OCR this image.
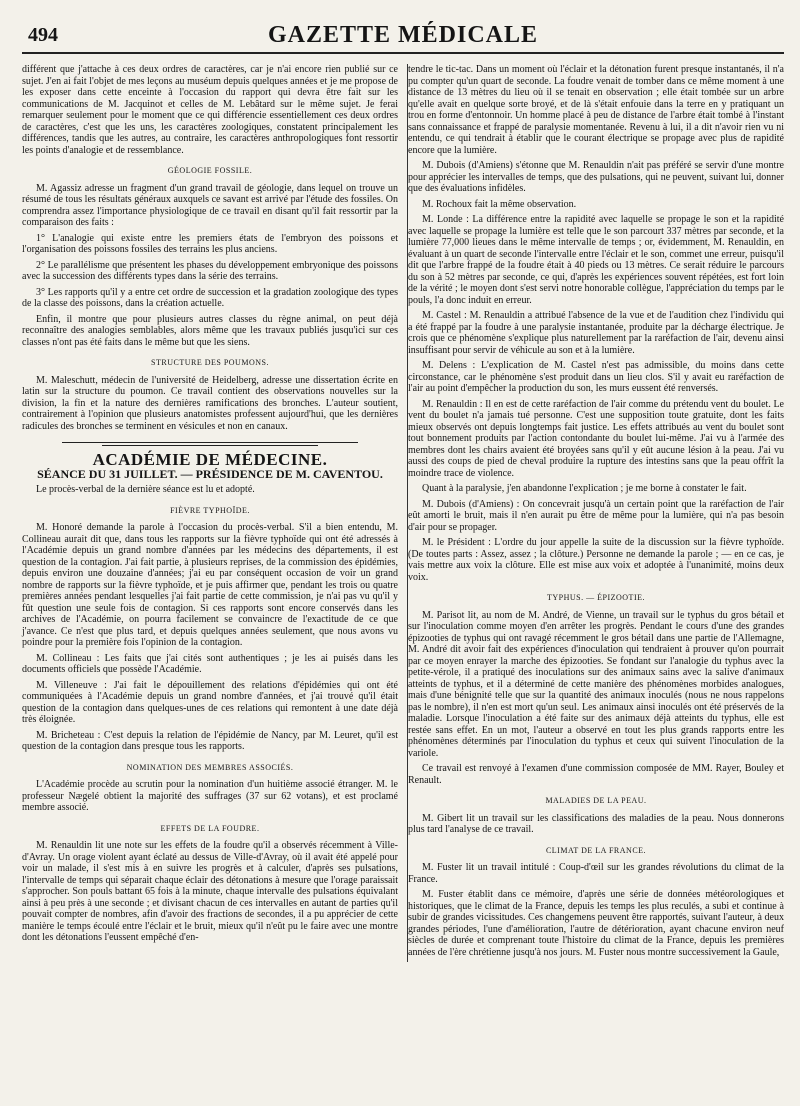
494	GAZETTE MÉDICALE

différent que j'attache à ces deux ordres de caractères, car je n'ai encore rien publié sur ce sujet. J'en ai fait l'objet de mes leçons au muséum depuis quelques années et je me propose de les exposer dans cette enceinte à l'occasion du rapport qui devra être fait sur les communications de M. Jacquinot et celles de M. Lebâtard sur le même sujet. Je ferai remarquer seulement pour le moment que ce qui différencie essentiellement ces deux ordres de caractères, c'est que les uns, les caractères zoologiques, constatent principalement les différences, tandis que les autres, au contraire, les caractères anthropologiques font ressortir les points d'analogie et de ressemblance.

GÉOLOGIE FOSSILE.

M. Agassiz adresse un fragment d'un grand travail de géologie, dans lequel on trouve un résumé de tous les résultats généraux auxquels ce savant est arrivé par l'étude des fossiles. On comprendra assez l'importance physiologique de ce travail en disant qu'il fait ressortir par la comparaison des faits :

1° L'analogie qui existe entre les premiers états de l'embryon des poissons et l'organisation des poissons fossiles des terrains les plus anciens.

2° Le parallélisme que présentent les phases du développement embryonique des poissons avec la succession des différents types dans la série des terrains.

3° Les rapports qu'il y a entre cet ordre de succession et la gradation zoologique des types de la classe des poissons, dans la création actuelle.

Enfin, il montre que pour plusieurs autres classes du règne animal, on peut déjà reconnaître des analogies semblables, alors même que les travaux publiés jusqu'ici sur ces classes n'ont pas été faits dans le même but que les siens.

STRUCTURE DES POUMONS.

M. Maleschutt, médecin de l'université de Heidelberg, adresse une dissertation écrite en latin sur la structure du poumon. Ce travail contient des observations nouvelles sur la division, la fin et la nature des dernières ramifications des bronches. L'auteur soutient, contrairement à l'opinion que plusieurs anatomistes professent aujourd'hui, que les dernières radicules des bronches se terminent en vésicules et non en canaux.

ACADÉMIE DE MÉDECINE.
SÉANCE DU 31 JUILLET. — PRÉSIDENCE DE M. CAVENTOU.

Le procès-verbal de la dernière séance est lu et adopté.

FIÈVRE TYPHOÏDE.

M. Honoré demande la parole à l'occasion du procès-verbal. S'il a bien entendu, M. Collineau aurait dit que, dans tous les rapports sur la fièvre typhoïde qui ont été adressés à l'Académie depuis un grand nombre d'années par les médecins des départements, il est question de la contagion. J'ai fait partie, à plusieurs reprises, de la commission des épidémies, depuis environ une douzaine d'années; j'ai eu par conséquent occasion de voir un grand nombre de rapports sur la fièvre typhoïde, et je puis affirmer que, pendant les trois ou quatre premières années pendant lesquelles j'ai fait partie de cette commission, je n'ai pas vu qu'il y fût question une seule fois de contagion. Si ces rapports sont encore conservés dans les archives de l'Académie, on pourra facilement se convaincre de l'exactitude de ce que j'avance. Ce n'est que plus tard, et depuis quelques années seulement, que nous avons vu poindre pour la première fois l'opinion de la contagion.

M. Collineau : Les faits que j'ai cités sont authentiques ; je les ai puisés dans les documents officiels que possède l'Académie.

M. Villeneuve : J'ai fait le dépouillement des relations d'épidémies qui ont été communiquées à l'Académie depuis un grand nombre d'années, et j'ai trouvé qu'il était question de la contagion dans quelques-unes de ces relations qui remontent à une date déjà très éloignée.

M. Bricheteau : C'est depuis la relation de l'épidémie de Nancy, par M. Leuret, qu'il est question de la contagion dans presque tous les rapports.

NOMINATION DES MEMBRES ASSOCIÉS.

L'Académie procède au scrutin pour la nomination d'un huitième associé étranger. M. le professeur Nægelé obtient la majorité des suffrages (37 sur 62 votans), et est proclamé membre associé.

EFFETS DE LA FOUDRE.

M. Renauldin lit une note sur les effets de la foudre qu'il a observés récemment à Ville-d'Avray. Un orage violent ayant éclaté au dessus de Ville-d'Avray, où il avait été appelé pour voir un malade, il s'est mis à en suivre les progrès et à calculer, d'après ses pulsations, l'intervalle de temps qui séparait chaque éclair des détonations à mesure que l'orage paraissait s'approcher. Son pouls battant 65 fois à la minute, chaque intervalle des pulsations équivalant ainsi à peu près à une seconde ; et divisant chacun de ces intervalles en autant de parties qu'il pouvait compter de nombres, afin d'avoir des fractions de secondes, il a pu apprécier de cette manière le temps écoulé entre l'éclair et le bruit, mieux qu'il n'eût pu le faire avec une montre dont les détonations l'eussent empêché d'en-

tendre le tic-tac. Dans un moment où l'éclair et la détonation furent presque instantanés, il n'a pu compter qu'un quart de seconde. La foudre venait de tomber dans ce même moment à une distance de 13 mètres du lieu où il se tenait en observation ; elle était tombée sur un arbre qu'elle avait en quelque sorte broyé, et de là s'était enfouie dans la terre en y pratiquant un trou en forme d'entonnoir. Un homme placé à peu de distance de l'arbre était tombé à l'instant sans connaissance et frappé de paralysie momentanée. Revenu à lui, il a dit n'avoir rien vu ni entendu, ce qui tendrait à établir que le courant électrique se propage avec plus de rapidité encore que la lumière.

M. Dubois (d'Amiens) s'étonne que M. Renauldin n'ait pas préféré se servir d'une montre pour apprécier les intervalles de temps, que des pulsations, qui ne peuvent, suivant lui, donner que des évaluations infidèles.

M. Rochoux fait la même observation.

M. Londe : La différence entre la rapidité avec laquelle se propage le son et la rapidité avec laquelle se propage la lumière est telle que le son parcourt 337 mètres par seconde, et la lumière 77,000 lieues dans le même intervalle de temps ; or, évidemment, M. Renauldin, en évaluant à un quart de seconde l'intervalle entre l'éclair et le son, commet une erreur, puisqu'il dit que l'arbre frappé de la foudre était à 40 pieds ou 13 mètres. Ce serait réduire le parcours du son à 52 mètres par seconde, ce qui, d'après les expériences souvent répétées, est fort loin de la vérité ; le moyen dont s'est servi notre honorable collègue, l'appréciation du temps par le pouls, l'a donc induit en erreur.

M. Castel : M. Renauldin a attribué l'absence de la vue et de l'audition chez l'individu qui a été frappé par la foudre à une paralysie instantanée, produite par la décharge électrique. Je crois que ce phénomène s'explique plus naturellement par la raréfaction de l'air, devenu ainsi insuffisant pour servir de véhicule au son et à la lumière.

M. Delens : L'explication de M. Castel n'est pas admissible, du moins dans cette circonstance, car le phénomène s'est produit dans un lieu clos. S'il y avait eu raréfaction de l'air au point d'empêcher la production du son, les murs eussent été renversés.

M. Renauldin : Il en est de cette raréfaction de l'air comme du prétendu vent du boulet. Le vent du boulet n'a jamais tué personne. C'est une supposition toute gratuite, dont les faits mieux observés ont depuis longtemps fait justice. Les effets attribués au vent du boulet sont tout bonnement produits par l'action contondante du boulet lui-même. J'ai vu à l'armée des membres dont les chairs avaient été broyées sans qu'il y eût aucune lésion à la peau. J'ai vu aussi des coups de pied de cheval produire la rupture des intestins sans que la peau offrît la moindre trace de violence.

Quant à la paralysie, j'en abandonne l'explication ; je me borne à constater le fait.

M. Dubois (d'Amiens) : On concevrait jusqu'à un certain point que la raréfaction de l'air eût amorti le bruit, mais il n'en aurait pu être de même pour la lumière, qui n'a pas besoin d'air pour se propager.

M. le Président : L'ordre du jour appelle la suite de la discussion sur la fièvre typhoïde. (De toutes parts : Assez, assez ; la clôture.) Personne ne demande la parole ; — en ce cas, je vais mettre aux voix la clôture. Elle est mise aux voix et adoptée à l'unanimité, moins deux voix.

TYPHUS. — ÉPIZOOTIE.

M. Parisot lit, au nom de M. André, de Vienne, un travail sur le typhus du gros bétail et sur l'inoculation comme moyen d'en arrêter les progrès. Pendant le cours d'une des grandes épizooties de typhus qui ont ravagé récemment le gros bétail dans une partie de l'Allemagne, M. André dit avoir fait des expériences d'inoculation qui tendraient à prouver qu'on pourrait par ce moyen enrayer la marche des épizooties. Se fondant sur l'analogie du typhus avec la petite-vérole, il a pratiqué des inoculations sur des animaux sains avec la salive d'animaux atteints de typhus, et il a déterminé de cette manière des phénomènes morbides analogues, mais d'une bénignité telle que sur la quantité des animaux inoculés (nous ne nous rappelons pas le nombre), il n'en est mort qu'un seul. Les animaux ainsi inoculés ont été préservés de la maladie. Lorsque l'inoculation a été faite sur des animaux déjà atteints du typhus, elle est restée sans effet. En un mot, l'auteur a observé en tout les plus grands rapports entre les phénomènes déterminés par l'inoculation du typhus et ceux qui suivent l'inoculation de la variole.

Ce travail est renvoyé à l'examen d'une commission composée de MM. Rayer, Bouley et Renault.

MALADIES DE LA PEAU.

M. Gibert lit un travail sur les classifications des maladies de la peau. Nous donnerons plus tard l'analyse de ce travail.

CLIMAT DE LA FRANCE.

M. Fuster lit un travail intitulé : Coup-d'œil sur les grandes révolutions du climat de la France.

M. Fuster établit dans ce mémoire, d'après une série de données météorologiques et historiques, que le climat de la France, depuis les temps les plus reculés, a subi et continue à subir de grandes vicissitudes. Ces changemens peuvent être rapportés, suivant l'auteur, à deux grandes périodes, l'une d'amélioration, l'autre de détérioration, ayant chacune environ neuf siècles de durée et comprenant toute l'histoire du climat de la France, depuis les premières années de l'ère chrétienne jusqu'à nos jours. M. Fuster nous montre successivement la Gaule,
